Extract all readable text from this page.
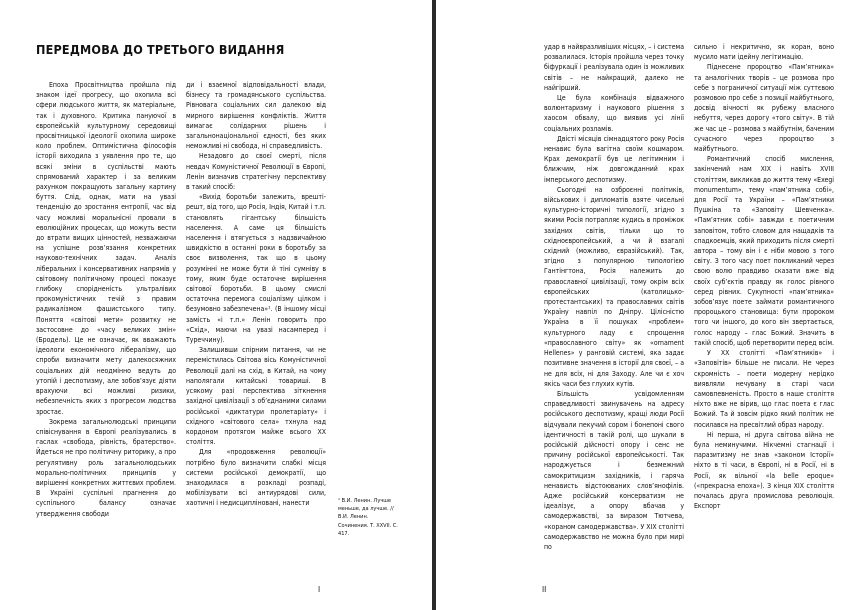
ПЕРЕДМОВА ДО ТРЕТЬОГО ВИДАННЯ

Епоха Просвітництва пройшла під знаком ідеї прогресу, що охопила всі сфери людського життя, як матеріальне, так і духовного. Критика пануючої в європейській культурному середовищі просвітницької ідеології охопила широке коло проблем. Оптимістична філософія історії виходила з уявлення про те, що всякі зміни в суспільстві мають спрямований характер і за великим рахунком покращують загальну картину буття. Слід, однак, мати на увазі тенденцію до зростання ентропії, час від часу можливі моральнісні провали в еволюційних процесах, що можуть вести до втрати вищих цінностей, незважаючи на успішне розв’язання конкретних науково-технічних задач. Аналіз ліберальних і консервативних напрямів у світовому політичному процесі показує глибоку спорідненість ультралівих прокомуністичних течій з правим радикалізмом фашистського типу. Поняття «світові мети» розвитку не застосовне до «часу великих змін» (Бродель). Це не означає, як вважають ідеологи економічного лібералізму, що спроби визначити мету далекосяжних соціальних дій неодмінно ведуть до утопій і деспотизму, але зобов’язує діяти врахуючи всі можливі ризики, небезпечність яких з прогресом людства зростає.

Зокрема загальнолюдські принципи співіснування в Європі реалізувались в гаслах «свобода, рівність, братерство». Йдеться не про політичну риторику, а про регулятивну роль загальнолюдських морально-політичних принципів у вирішенні конкретних життєвих проблем. В Україні суспільні прагнення до суспільного балансу означає утвердження свободи

ди і взаємної відповідальності влади, бізнесу та громадянського суспільства. Рівновага соціальних сил далекою від мирного вирішення конфліктів. Життя вимагає солідарних рішень і загальнонаціональної єдності, без яких неможливі ні свобода, ні справедливість.

Незадовго до своєї смерті, після невдач Комуністичної Революції в Європі, Ленін визначив стратегічну перспективу в такий спосіб:

«Вихід боротьби залежить, врешті-решт, від того, що Росія, Індія, Китай і т.п. становлять гігантську більшість населення. А саме ця більшість населення і втягується з надзвичайною швидкістю в останні роки в боротьбу за своє визволення, так що в цьому розумінні не може бути й тіні сумніву в тому, яким буде остаточне вирішення світової боротьби. В цьому смислі остаточна перемога соціалізму цілком і безумовно забезпечена»¹. (В іншому місці замість «і т.п.» Ленін говорить про «Схід», маючи на увазі насамперед і Туреччину).

Залишивши спірним питання, чи не перемістилась Світова вісь Комуністичної Революції далі на схід, в Китай, на чому наполягали китайські товариші. В усякому разі перспектива зіткнення західної цивілізації з об’єднаними силами російської «диктатури пролетаріату» і східного «світового села» тхнула над кордоном протягом майже всього XX століття.

Для «продовження революції» потрібно було визначити слабкі місця системи російської демократії, що знаходилася в розкладі розпаді, мобілізувати всі антиурядові сили, хаотичні і недисципліновані, нанести	¹ В.И. Ленин. Лучше меньше, да лучше. // В.И. Ленин. Сочинения. Т. XXVII. С. 417.
I

удар в найвразливіших місцях, – і система розвалилася. Історія пройшла через точку біфуркації і реалізувала один із можливих світів – не найкращий, далеко не найгірший.

Це була комбінація відважного волюнтаризму і наукового рішення з хаосом обвалу, що виявив усі лінії соціальних розламів.

Двісті місяців сімнадцятого року Росія ненавис була вагітна своїм кошмаром. Крах демократії був це легітимним і ближчим, ніж довгожданний крах імперського деспотизму.

Сьогодні на озброєнні політиків, військових і дипломатів взяте чисельні культурно-історичні типології, згідно з якими Росія потрапляє кудись в проміжок західних світів, тільки що то східноєвропейський, а чи й взагалі східний (можливо, євразійський). Так, згідно з популярною типологією Гантінгтона, Росія належить до православної цивілізації, тому окрім всіх європейських (католицько-протестантських) та православних світів Україну навпіл по Дніпру. Цілісністю Україна в її пошуках «проблем» культурного ладу є спрощення «православного світу» як «ornament Hellenes» у ранговій системі, яка задає позитивне значення в історії для своєї, – а не для всіх, ні для Заходу. Але чи є хоч якісь часи без глухих кутів.

Більшість усвідомленням справедливості звинувачень на адресу російського деспотизму, кращі люди Росії відчували пекучий сором і бонепоні свого ідентичності в такій ролі, що шукали в російській дійсності опору і сенс не причину російської європейськості. Так народжується і безмежний самокритицизм західників, і гаряча ненависть відстоюваних слов’янофілів. Адже російський консерватизм не ідеалізує, а опору вбачав у самодержавстві, за виразом Тютчева, «кораном самодержавства». У XIX столітті самодержавство не можна було при мирі по

сильно і некритично, як коран, воно мусило мати ідейну легітимацію.

Піднесене пророцтво «Пам’ятника» та аналогічних творів – це розмова про себе з пограничної ситуації між суттєвою розмовою про себе з позиції майбутнього, досвід вічності як рубежу власного небуття, через дорогу «того світу». В тій же час це – розмова з майбутнім, баченим сучасного через пророцтво з майбутнього.

Романтичний спосіб мислення, закінчений нам XIX і навіть XVIII століттям, викликав до життя тему «Exegi monumentum», тему «пам’ятника собі», для Росії та України – «Пам’ятники Пушкіна та «Заповіту Шевченка». «Пам’ятник собі» завжди є поетичним заповітом, тобто словом для нащадків та спадкоємців, який приходить після смерті автора – тому він і є ніби мовою з того світу. З того часу поет покликаний через свою волю правдиво сказати вже від своїх суб’єктів правду як голос рівного серед рівних. Сукупності «пам’ятника» зобов’язує поете займати романтичного пророцького становища: бути пророком того чи іншого, до кого він звертається, голос народу – глас Божий. Значить в такій спосіб, щоб перетворити перед всім.

У XX столітті «Пам’ятників» і «Заповітів» більше не писали. Не через скромність – поети модерну нерідко виявляли нечувану в старі часи самовпевненість. Просто в наше століття ніхто вже не вірив, що глас поета є глас Божий. Та й зовсім рідко який політик не посилався на пресвітлий образ народу.

Ні перша, ні друга світова війна не була неминучими. Нікчемні стагнації і паразитизму не знав «законом Історії» ніхто в ті часи, в Європі, ні в Росії, ні в Росії, як вільної «la belle epoque» («прекрасна епоха»). З кінця XIX століття почалась друга промислова революція. Експорт

II
